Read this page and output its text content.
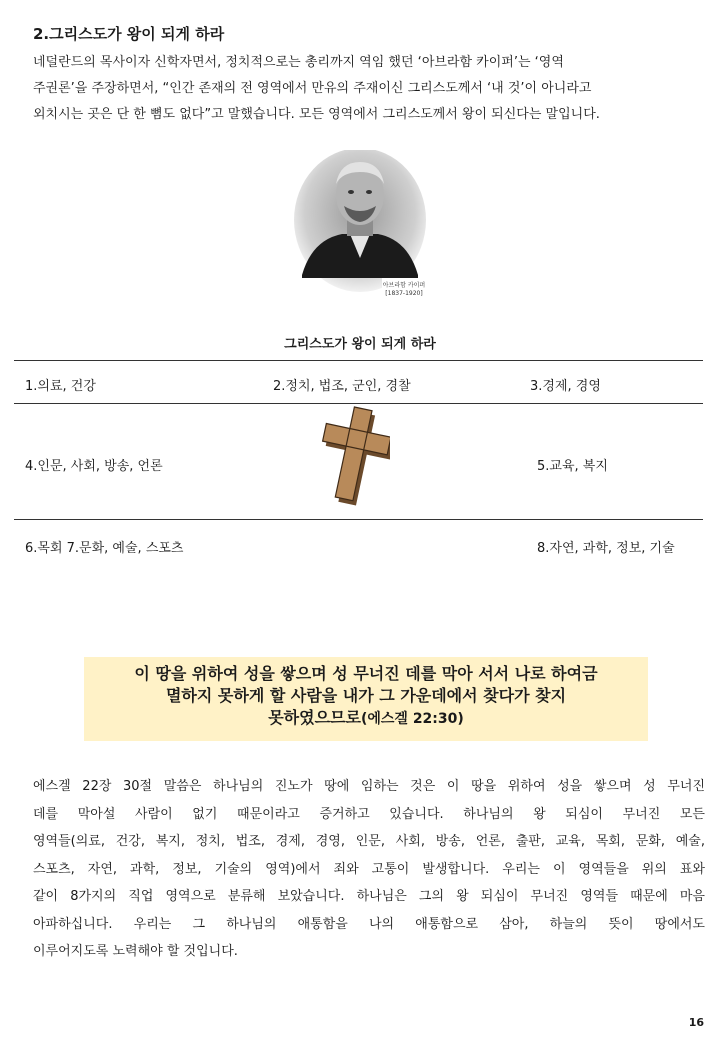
2.그리스도가 왕이 되게 하라

네덜란드의 목사이자 신학자면서, 정치적으로는 총리까지 역임 했던 ‘아브라함 카이퍼’는 ‘영역

주권론’을 주장하면서, “인간 존재의 전 영역에서 만유의 주재이신 그리스도께서 ‘내 것’이 아니라고

외치시는 곳은 단 한 뼘도 없다”고 말했습니다. 모든 영역에서 그리스도께서 왕이 되신다는 말입니다.

아브라함 카이퍼
[1837-1920]
그리스도가 왕이 되게 하라
1.의료, 건강	2.정치, 법조, 군인, 경찰	3.경제, 경영
4.인문, 사회, 방송, 언론	5.교육, 복지
6.목회 7.문화, 예술, 스포츠	8.자연, 과학, 정보, 기술

이 땅을 위하여 성을 쌓으며 성 무너진 데를 막아 서서 나로 하여금

멸하지 못하게 할 사람을 내가 그 가운데에서 찾다가 찾지

못하였으므로(에스겔 22:30)

에스겔 22장 30절 말씀은 하나님의 진노가 땅에 임하는 것은 이 땅을 위하여 성을 쌓으며 성 무너진

데를 막아설 사람이 없기 때문이라고 증거하고 있습니다. 하나님의 왕 되심이 무너진 모든

영역들(의료, 건강, 복지, 정치, 법조, 경제, 경영, 인문, 사회, 방송, 언론, 출판, 교육, 목회, 문화, 예술,

스포츠, 자연, 과학, 정보, 기술의 영역)에서 죄와 고통이 발생합니다. 우리는 이 영역들을 위의 표와

같이 8가지의 직업 영역으로 분류해 보았습니다. 하나님은 그의 왕 되심이 무너진 영역들 때문에 마음

아파하십니다. 우리는 그 하나님의 애통함을 나의 애통함으로 삼아, 하늘의 뜻이 땅에서도

이루어지도록 노력해야 할 것입니다.

16
